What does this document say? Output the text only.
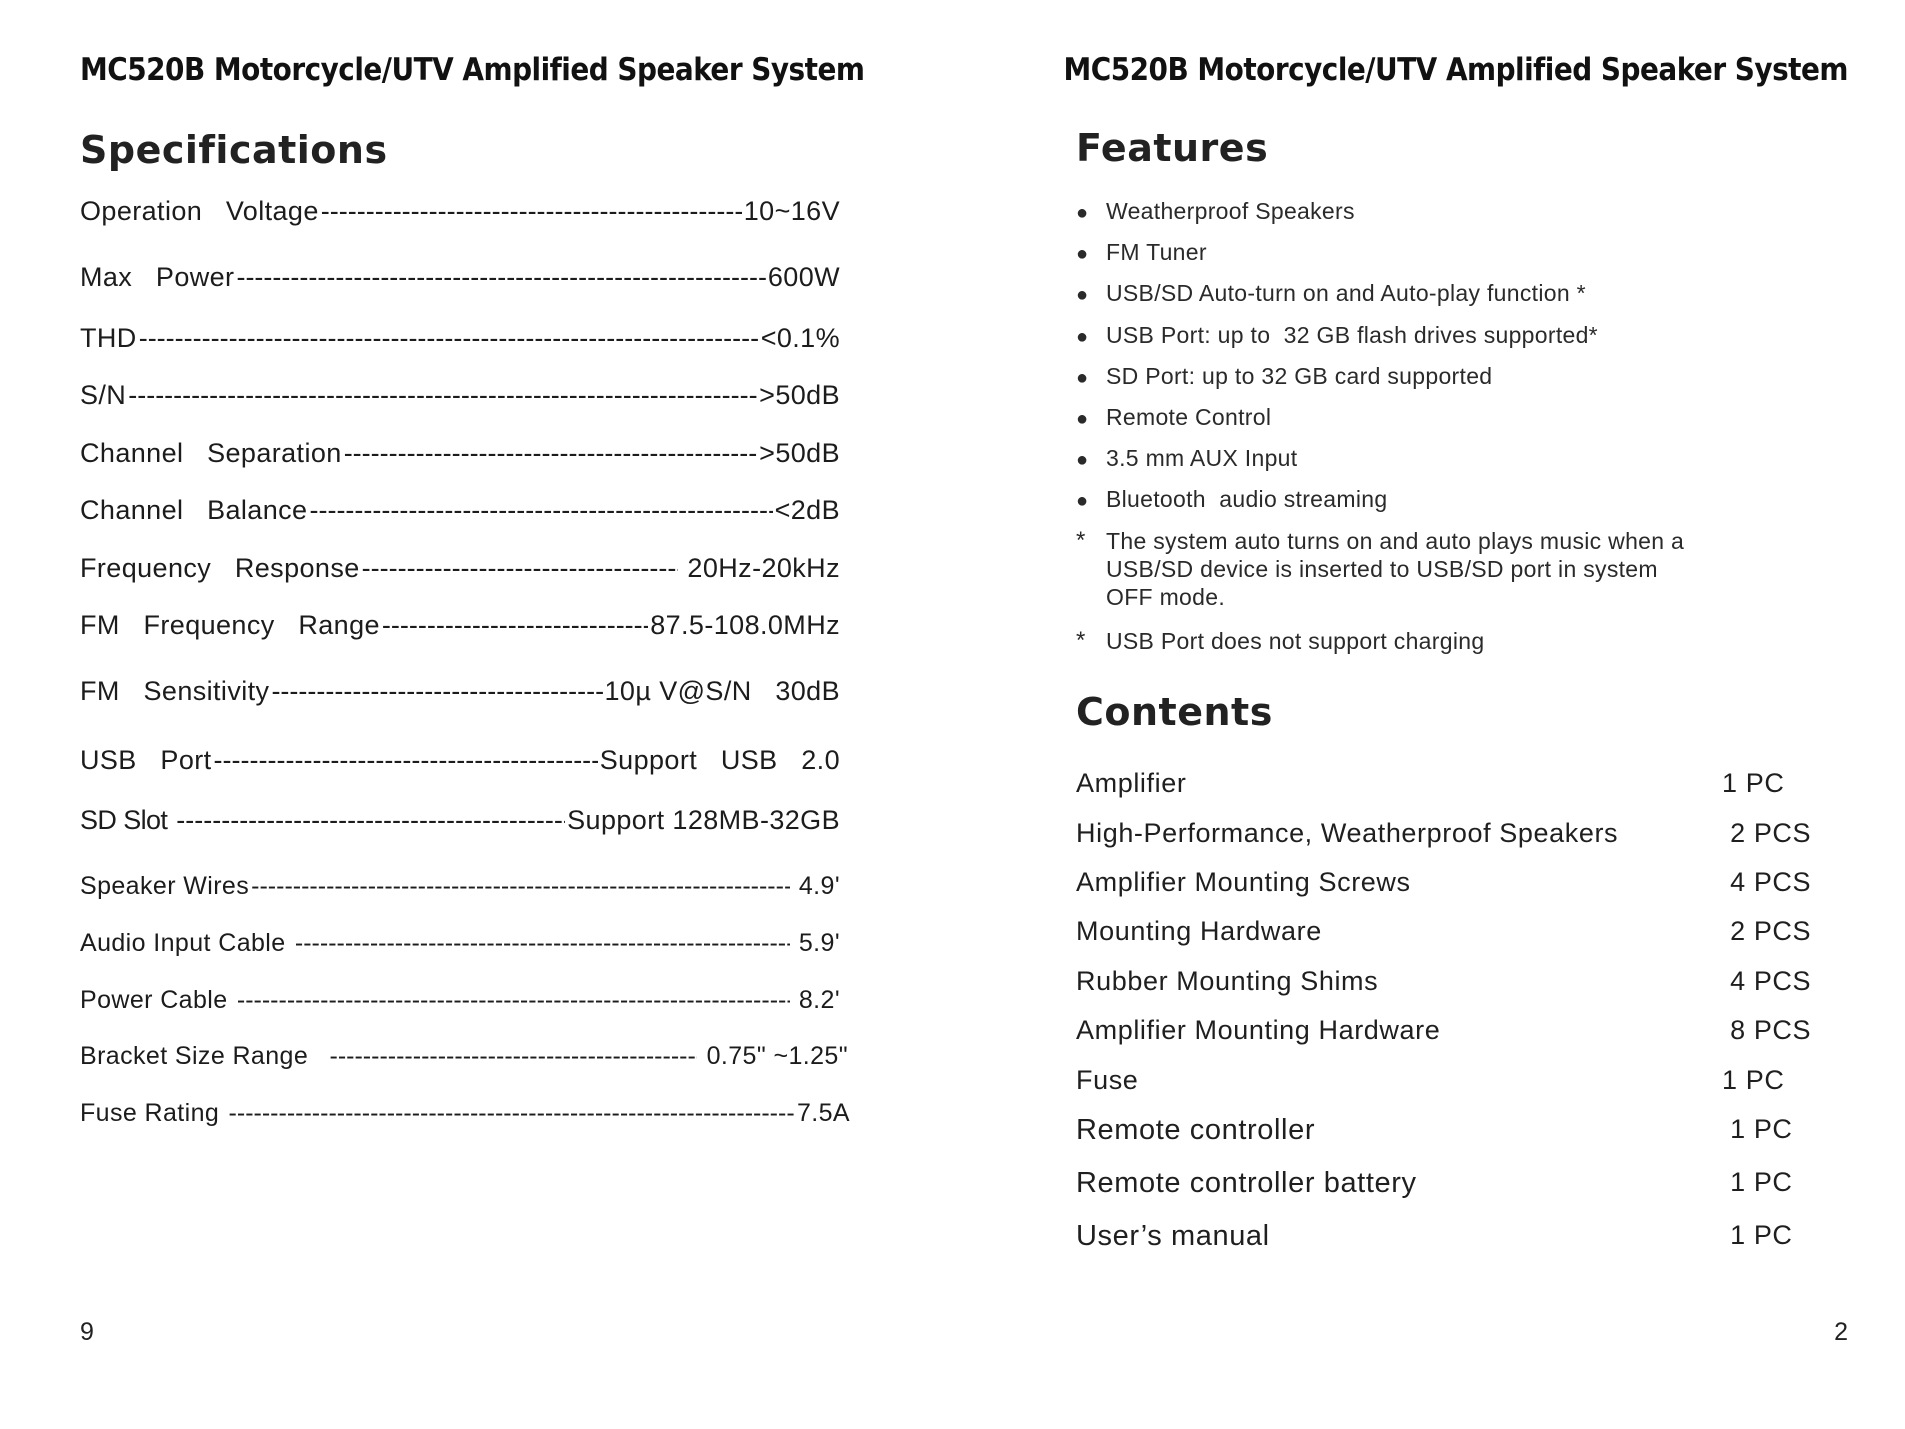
MC520B Motorcycle/UTV Amplified Speaker System
Specifications
Operation   Voltage -----	10~16V
Max   Power -----	600W
THD -----	<0.1%
S/N -----	>50dB
Channel   Separation -----	>50dB
Channel   Balance -----	<2dB
Frequency   Response -----	20Hz-20kHz
FM   Frequency   Range -----	87.5-108.0MHz
FM   Sensitivity -----	10µ V@S/N   30dB
USB   Port -----	Support   USB   2.0
SD Slot -----	Support 128MB-32GB
Speaker Wires -----	4.9'
Audio Input Cable -----	5.9'
Power Cable -----	8.2'
Bracket Size Range -----	0.75" ~1.25"
Fuse Rating -----	7.5A

9

MC520B Motorcycle/UTV Amplified Speaker System
Features
● Weatherproof Speakers
● FM Tuner
● USB/SD Auto-turn on and Auto-play function *
● USB Port: up to  32 GB flash drives supported*
● SD Port: up to 32 GB card supported
● Remote Control
● 3.5 mm AUX Input
● Bluetooth  audio streaming
* The system auto turns on and auto plays music when a USB/SD device is inserted to USB/SD port in system OFF mode.
* USB Port does not support charging
Contents
Amplifier	1 PC
High-Performance, Weatherproof Speakers	2 PCS
Amplifier Mounting Screws	4 PCS
Mounting Hardware	2 PCS
Rubber Mounting Shims	4 PCS
Amplifier Mounting Hardware	8 PCS
Fuse	1 PC
Remote controller	1 PC
Remote controller battery	1 PC
User’s manual	1 PC

2
